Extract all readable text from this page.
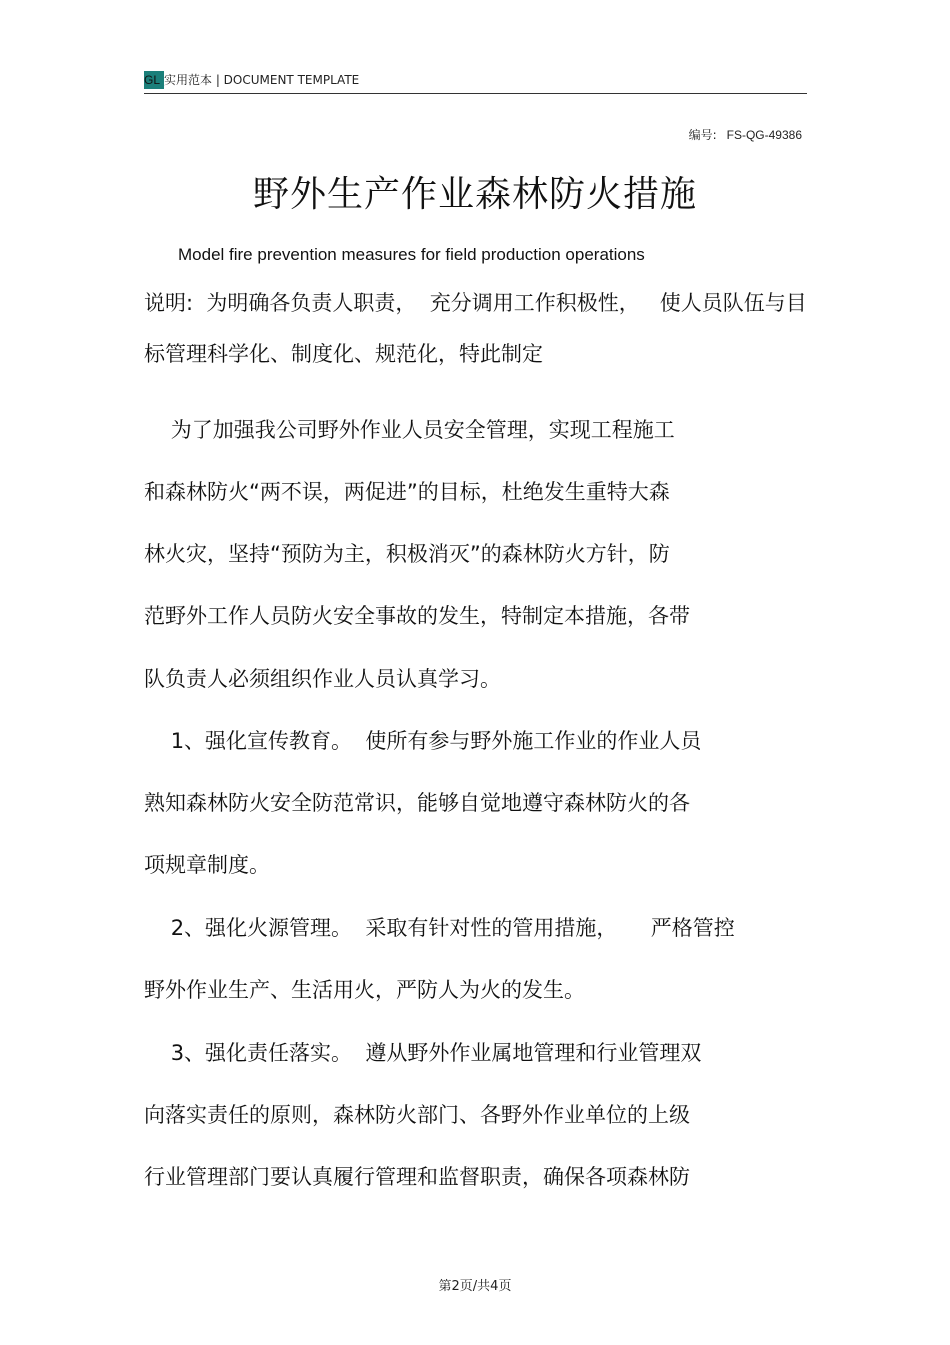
GL 实用范本 | DOCUMENT TEMPLATE
编号: FS-QG-49386
野外生产作业森林防火措施
Model fire prevention measures for field production operations
说明:  为明确各负责人职责，  充分调用工作积极性，   使人员队伍与目
标管理科学化、制度化、规范化，特此制定
为了加强我公司野外作业人员安全管理，实现工程施工
和森林防火“两不误，两促进”的目标，杜绝发生重特大森
林火灾，坚持“预防为主，积极消灭”的森林防火方针，防
范野外工作人员防火安全事故的发生，特制定本措施，各带
队负责人必须组织作业人员认真学习。
1、强化宣传教育。  使所有参与野外施工作业的作业人员
熟知森林防火安全防范常识，能够自觉地遵守森林防火的各
项规章制度。
2、强化火源管理。  采取有针对性的管用措施，     严格管控
野外作业生产、生活用火，严防人为火的发生。
3、强化责任落实。  遵从野外作业属地管理和行业管理双
向落实责任的原则，森林防火部门、各野外作业单位的上级
行业管理部门要认真履行管理和监督职责，确保各项森林防
第2页/共4页
